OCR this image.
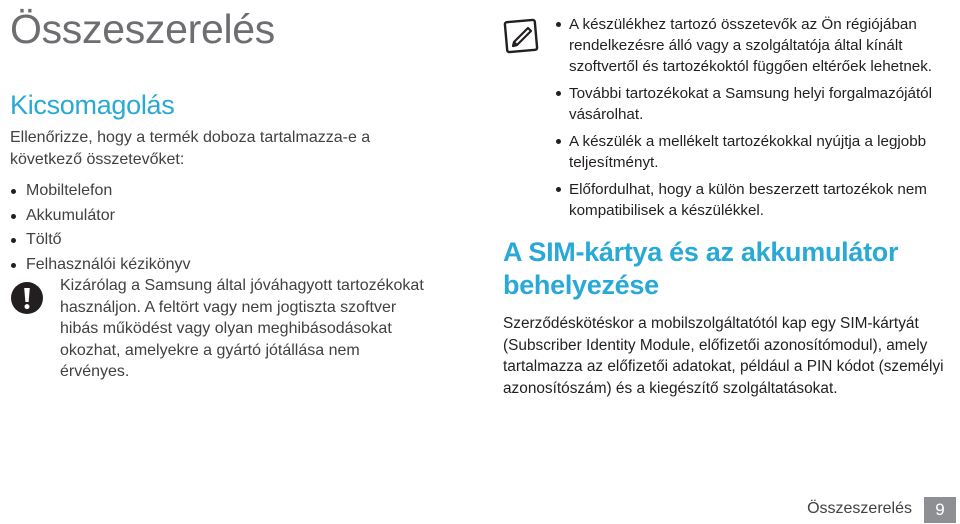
Összeszerelés
Kicsomagolás

Ellenőrizze, hogy a termék doboza tartalmazza-e a következő összetevőket:

Mobiltelefon
Akkumulátor
Töltő
Felhasználói kézikönyv

Kizárólag a Samsung által jóváhagyott tartozékokat használjon. A feltört vagy nem jogtiszta szoftver hibás működést vagy olyan meghibásodásokat okozhat, amelyekre a gyártó jótállása nem érvényes.

A készülékhez tartozó összetevők az Ön régiójában rendelkezésre álló vagy a szolgáltatója által kínált szoftvertől és tartozékoktól függően eltérőek lehetnek.
További tartozékokat a Samsung helyi forgalmazójától vásárolhat.
A készülék a mellékelt tartozékokkal nyújtja a legjobb teljesítményt.
Előfordulhat, hogy a külön beszerzett tartozékok nem kompatibilisek a készülékkel.
A SIM-kártya és az akkumulátor behelyezése

Szerződéskötéskor a mobilszolgáltatótól kap egy SIM-kártyát (Subscriber Identity Module, előfizetői azonosítómodul), amely tartalmazza az előfizetői adatokat, például a PIN kódot (személyi azonosítószám) és a kiegészítő szolgáltatásokat.

Összeszerelés	9
